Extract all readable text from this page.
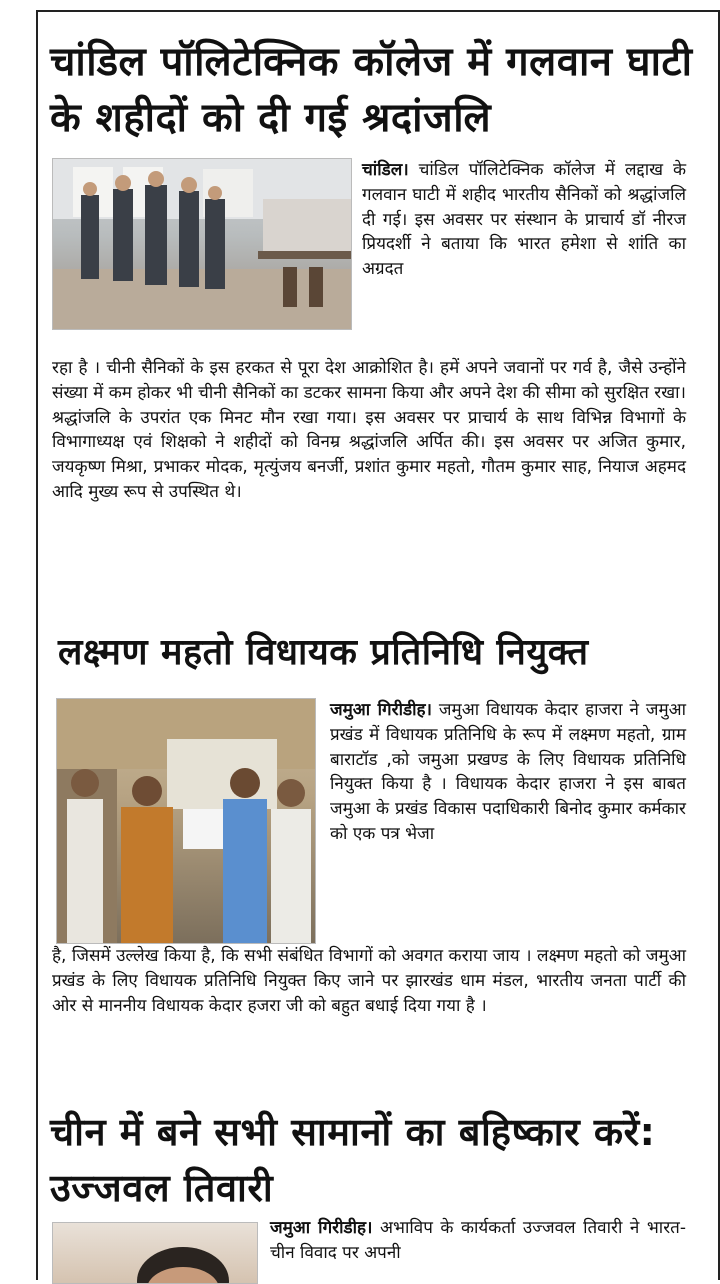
चांडिल पॉलिटेक्निक कॉलेज में गलवान घाटी के शहीदों को दी गई श्रदांजलि
चांडिल। चांडिल पॉलिटेक्निक कॉलेज में लद्दाख के गलवान घाटी में शहीद भारतीय सैनिकों को श्रद्धांजलि दी गई। इस अवसर पर संस्थान के प्राचार्य डॉ नीरज प्रियदर्शी ने बताया कि भारत हमेशा से शांति का अग्रदत
रहा है । चीनी सैनिकों के इस हरकत से पूरा देश आक्रोशित है। हमें अपने जवानों पर गर्व है, जैसे उन्होंने संख्या में कम होकर भी चीनी सैनिकों का डटकर सामना किया और अपने देश की सीमा को सुरक्षित रखा।श्रद्धांजलि के उपरांत एक मिनट मौन रखा गया। इस अवसर पर प्राचार्य के साथ विभिन्न विभागों के विभागाध्यक्ष एवं शिक्षको ने शहीदों को विनम्र श्रद्धांजलि अर्पित की। इस अवसर पर अजित कुमार, जयकृष्ण मिश्रा, प्रभाकर मोदक, मृत्युंजय बनर्जी, प्रशांत कुमार महतो, गौतम कुमार साह, नियाज अहमद आदि मुख्य रूप से उपस्थित थे।
लक्ष्मण महतो विधायक प्रतिनिधि नियुक्त
जमुआ गिरीडीह। जमुआ विधायक केदार हाजरा ने जमुआ प्रखंड में विधायक प्रतिनिधि के रूप में लक्ष्मण महतो, ग्राम बाराटॉड ,को जमुआ प्रखण्ड के लिए विधायक प्रतिनिधि नियुक्त किया है । विधायक केदार हाजरा ने इस बाबत जमुआ के प्रखंड विकास पदाधिकारी बिनोद कुमार कर्मकार को एक पत्र भेजा
है, जिसमें उल्लेख किया है, कि सभी संबंधित विभागों को अवगत कराया जाय । लक्ष्मण महतो को जमुआ प्रखंड के लिए विधायक प्रतिनिधि नियुक्त किए जाने पर झारखंड धाम मंडल, भारतीय जनता पार्टी की ओर से माननीय विधायक केदार हजरा जी को बहुत बधाई दिया गया है ।
चीन में बने सभी सामानों का बहिष्कार करें: उज्जवल तिवारी
जमुआ गिरीडीह। अभाविप के कार्यकर्ता उज्जवल तिवारी ने भारत-चीन विवाद पर अपनी
